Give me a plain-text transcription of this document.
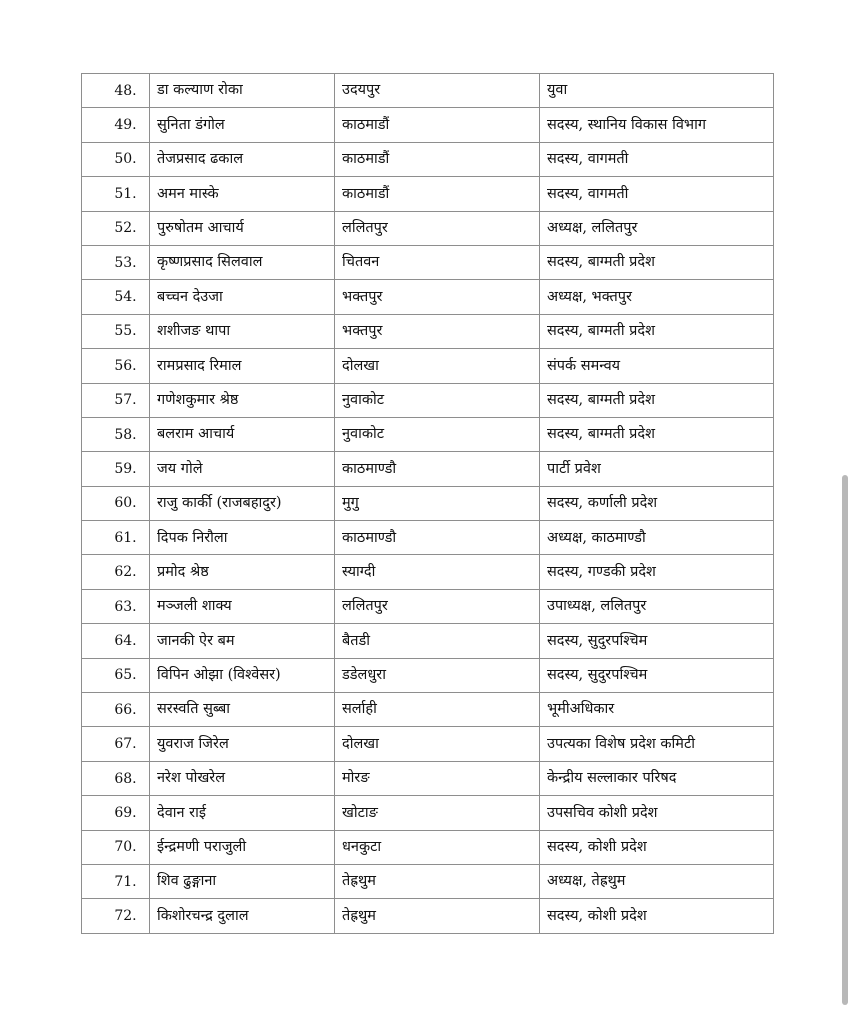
48.	डा कल्याण रोका	उदयपुर	युवा
49.	सुनिता डंगोल	काठमाडौं	सदस्य, स्थानिय विकास विभाग
50.	तेजप्रसाद ढकाल	काठमाडौं	सदस्य, वागमती
51.	अमन मास्के	काठमाडौं	सदस्य, वागमती
52.	पुरुषोतम आचार्य	ललितपुर	अध्यक्ष, ललितपुर
53.	कृष्णप्रसाद सिलवाल	चितवन	सदस्य, बाग्मती प्रदेश
54.	बच्चन देउजा	भक्तपुर	अध्यक्ष, भक्तपुर
55.	शशीजङ थापा	भक्तपुर	सदस्य, बाग्मती प्रदेश
56.	रामप्रसाद रिमाल	दोलखा	संपर्क समन्वय
57.	गणेशकुमार श्रेष्ठ	नुवाकोट	सदस्य, बाग्मती प्रदेश
58.	बलराम आचार्य	नुवाकोट	सदस्य, बाग्मती प्रदेश
59.	जय गोले	काठमाण्डौ	पार्टी प्रवेश
60.	राजु कार्की (राजबहादुर)	मुगु	सदस्य, कर्णाली प्रदेश
61.	दिपक निरौला	काठमाण्डौ	अध्यक्ष, काठमाण्डौ
62.	प्रमोद श्रेष्ठ	स्याग्दी	सदस्य, गण्डकी प्रदेश
63.	मञ्जली शाक्य	ललितपुर	उपाध्यक्ष, ललितपुर
64.	जानकी ऐर बम	बैतडी	सदस्य, सुदुरपश्चिम
65.	विपिन ओझा (विश्वेसर)	डडेलधुरा	सदस्य, सुदुरपश्चिम
66.	सरस्वति सुब्बा	सर्लाही	भूमीअधिकार
67.	युवराज जिरेल	दोलखा	उपत्यका विशेष प्रदेश कमिटी
68.	नरेश पोखरेल	मोरङ	केन्द्रीय सल्लाकार परिषद
69.	देवान राई	खोटाङ	उपसचिव कोशी प्रदेश
70.	ईन्द्रमणी पराजुली	धनकुटा	सदस्य, कोशी प्रदेश
71.	शिव ढुङ्गाना	तेह्रथुम	अध्यक्ष, तेह्रथुम
72.	किशोरचन्द्र दुलाल	तेह्रथुम	सदस्य, कोशी प्रदेश
